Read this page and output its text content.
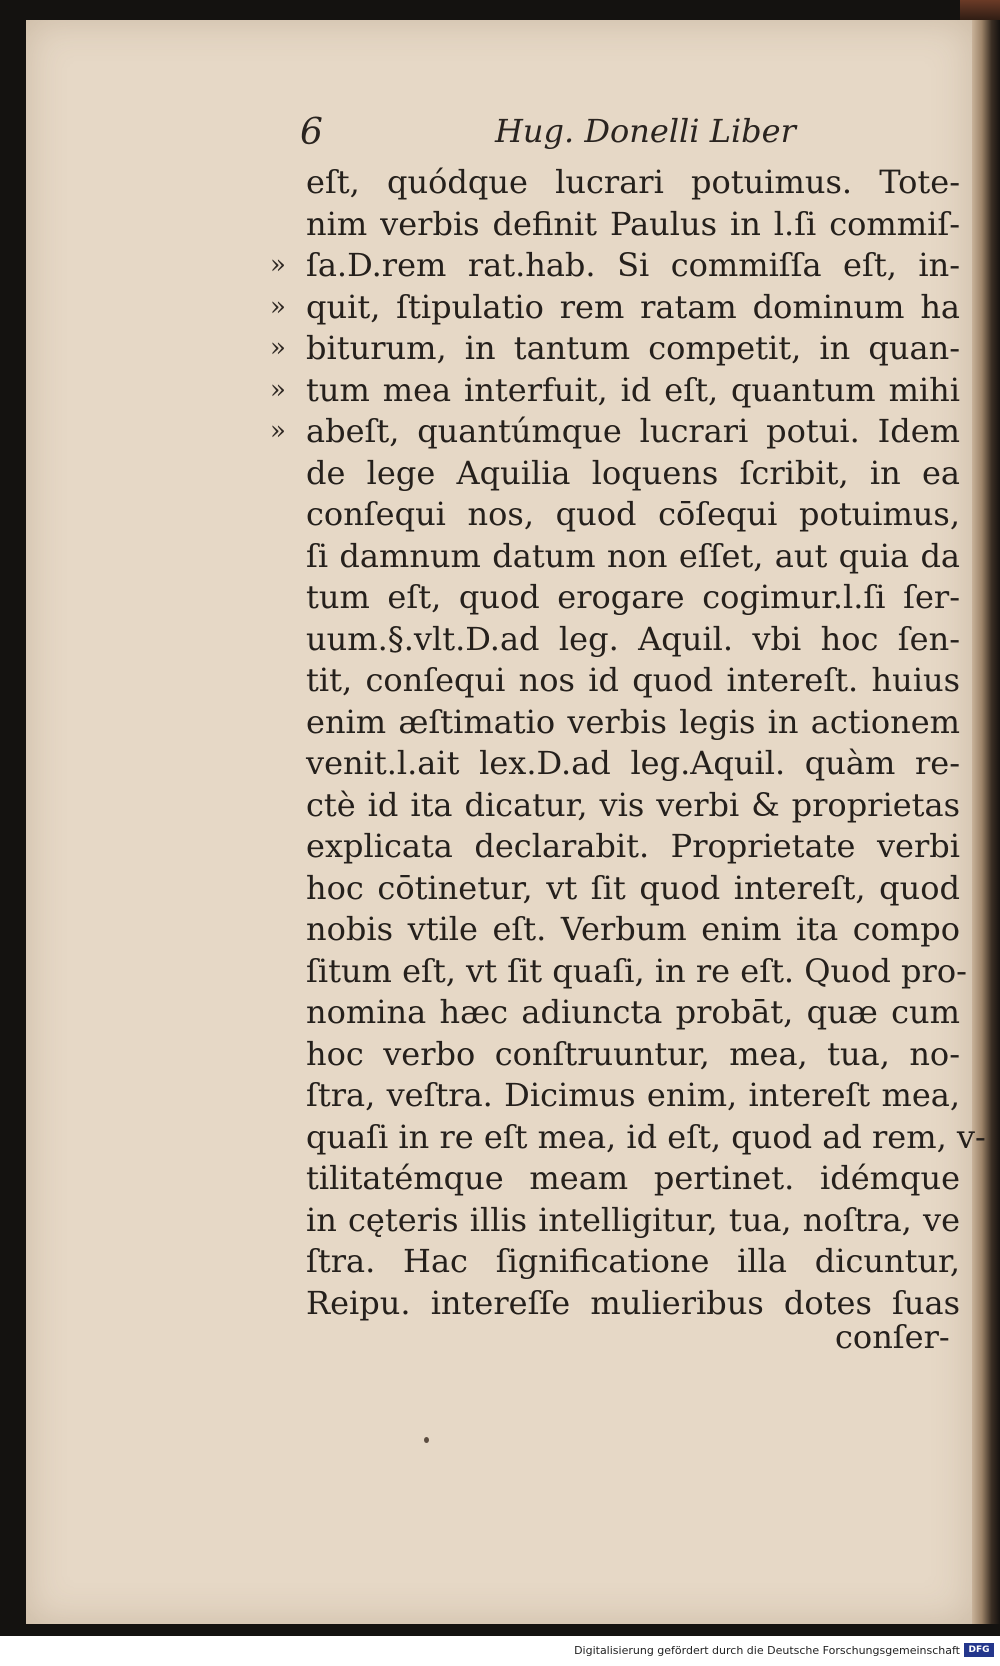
6	Hug. Donelli Liber
eſt, quódque lucrari potuimus. Tote-
nim verbis definit Paulus in l.ſi commiſ-
» ſa.D.rem rat.hab. Si commiſſa eſt, in-
» quit, ſtipulatio rem ratam dominum ha
» biturum, in tantum competit, in quan-
» tum mea interfuit, id eſt, quantum mihi
» abeſt, quantúmque lucrari potui. Idem
de lege Aquilia loquens ſcribit, in ea
conſequi nos, quod cōſequi potuimus,
ſi damnum datum non eſſet, aut quia da
tum eſt, quod erogare cogimur.l.ſi ſer-
uum.§.vlt.D.ad leg. Aquil. vbi hoc ſen-
tit, conſequi nos id quod intereſt. huius
enim æſtimatio verbis legis in actionem
venit.l.ait lex.D.ad leg.Aquil. quàm re-
ctè id ita dicatur, vis verbi & proprietas
explicata declarabit. Proprietate verbi
hoc cōtinetur, vt ſit quod intereſt, quod
nobis vtile eſt. Verbum enim ita compo
ſitum eſt, vt ſit quaſi, in re eſt. Quod pro-
nomina hæc adiuncta probāt, quæ cum
hoc verbo conſtruuntur, mea, tua, no-
ſtra, veſtra. Dicimus enim, intereſt mea,
quaſi in re eſt mea, id eſt, quod ad rem, v-
tilitatémque meam pertinet. idémque
in cęteris illis intelligitur, tua, noſtra, ve
ſtra. Hac ſignificatione illa dicuntur,
Reipu. intereſſe mulieribus dotes ſuas
conſer-
Digitalisierung gefördert durch die Deutsche Forschungsgemeinschaft DFG
